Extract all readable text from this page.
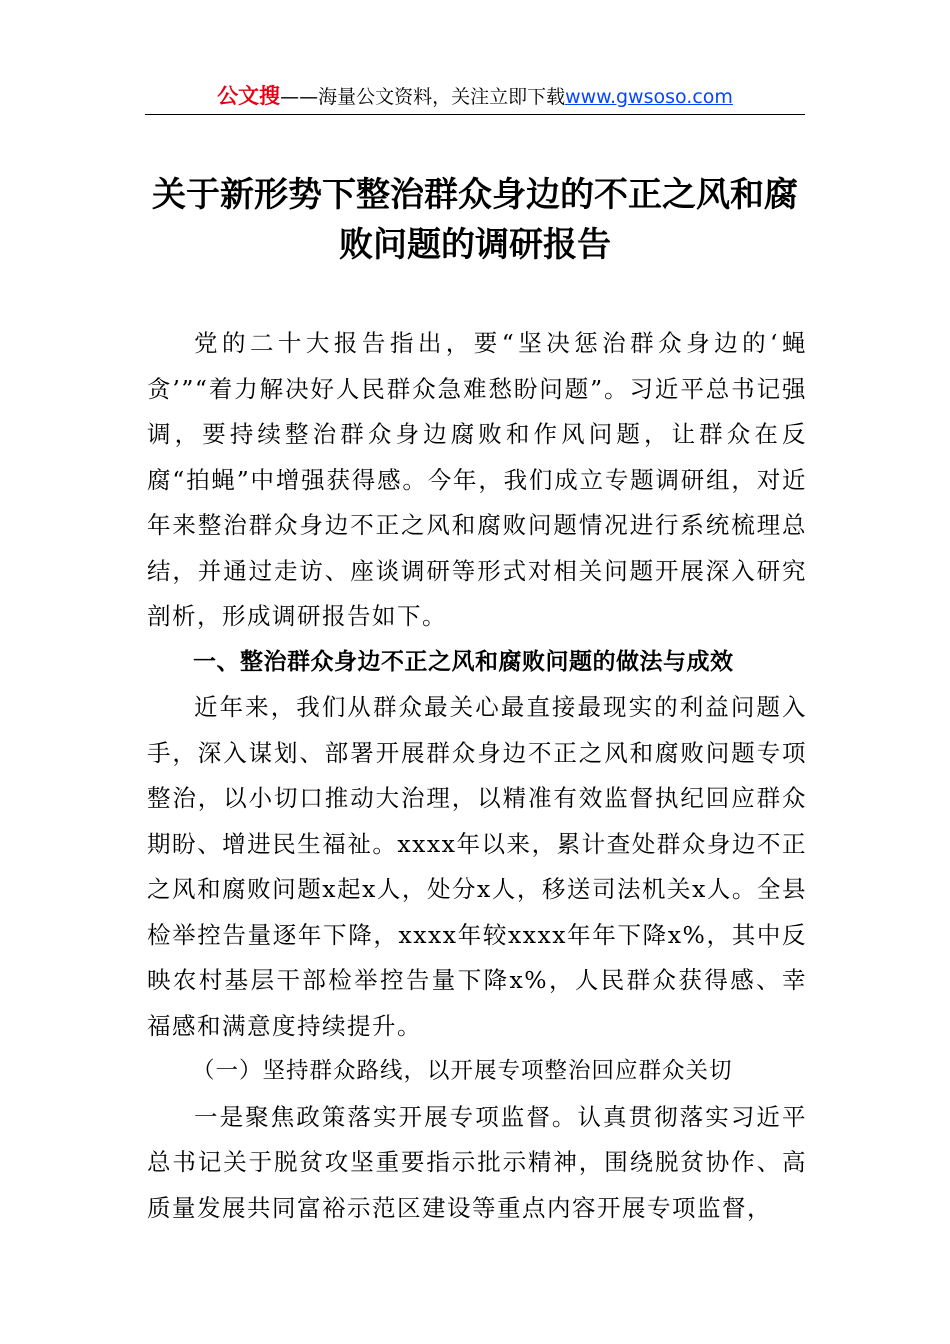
公文搜——海量公文资料，关注立即下载www.gwsoso.com
关于新形势下整治群众身边的不正之风和腐败问题的调研报告

党的二十大报告指出，要“坚决惩治群众身边的‘蝇贪’”“着力解决好人民群众急难愁盼问题”。习近平总书记强调，要持续整治群众身边腐败和作风问题，让群众在反腐“拍蝇”中增强获得感。今年，我们成立专题调研组，对近年来整治群众身边不正之风和腐败问题情况进行系统梳理总结，并通过走访、座谈调研等形式对相关问题开展深入研究剖析，形成调研报告如下。

一、整治群众身边不正之风和腐败问题的做法与成效

近年来，我们从群众最关心最直接最现实的利益问题入手，深入谋划、部署开展群众身边不正之风和腐败问题专项整治，以小切口推动大治理，以精准有效监督执纪回应群众期盼、增进民生福祉。xxxx年以来，累计查处群众身边不正之风和腐败问题x起x人，处分x人，移送司法机关x人。全县检举控告量逐年下降，xxxx年较xxxx年年下降x%，其中反映农村基层干部检举控告量下降x%，人民群众获得感、幸福感和满意度持续提升。

（一）坚持群众路线，以开展专项整治回应群众关切

一是聚焦政策落实开展专项监督。认真贯彻落实习近平总书记关于脱贫攻坚重要指示批示精神，围绕脱贫协作、高质量发展共同富裕示范区建设等重点内容开展专项监督，
